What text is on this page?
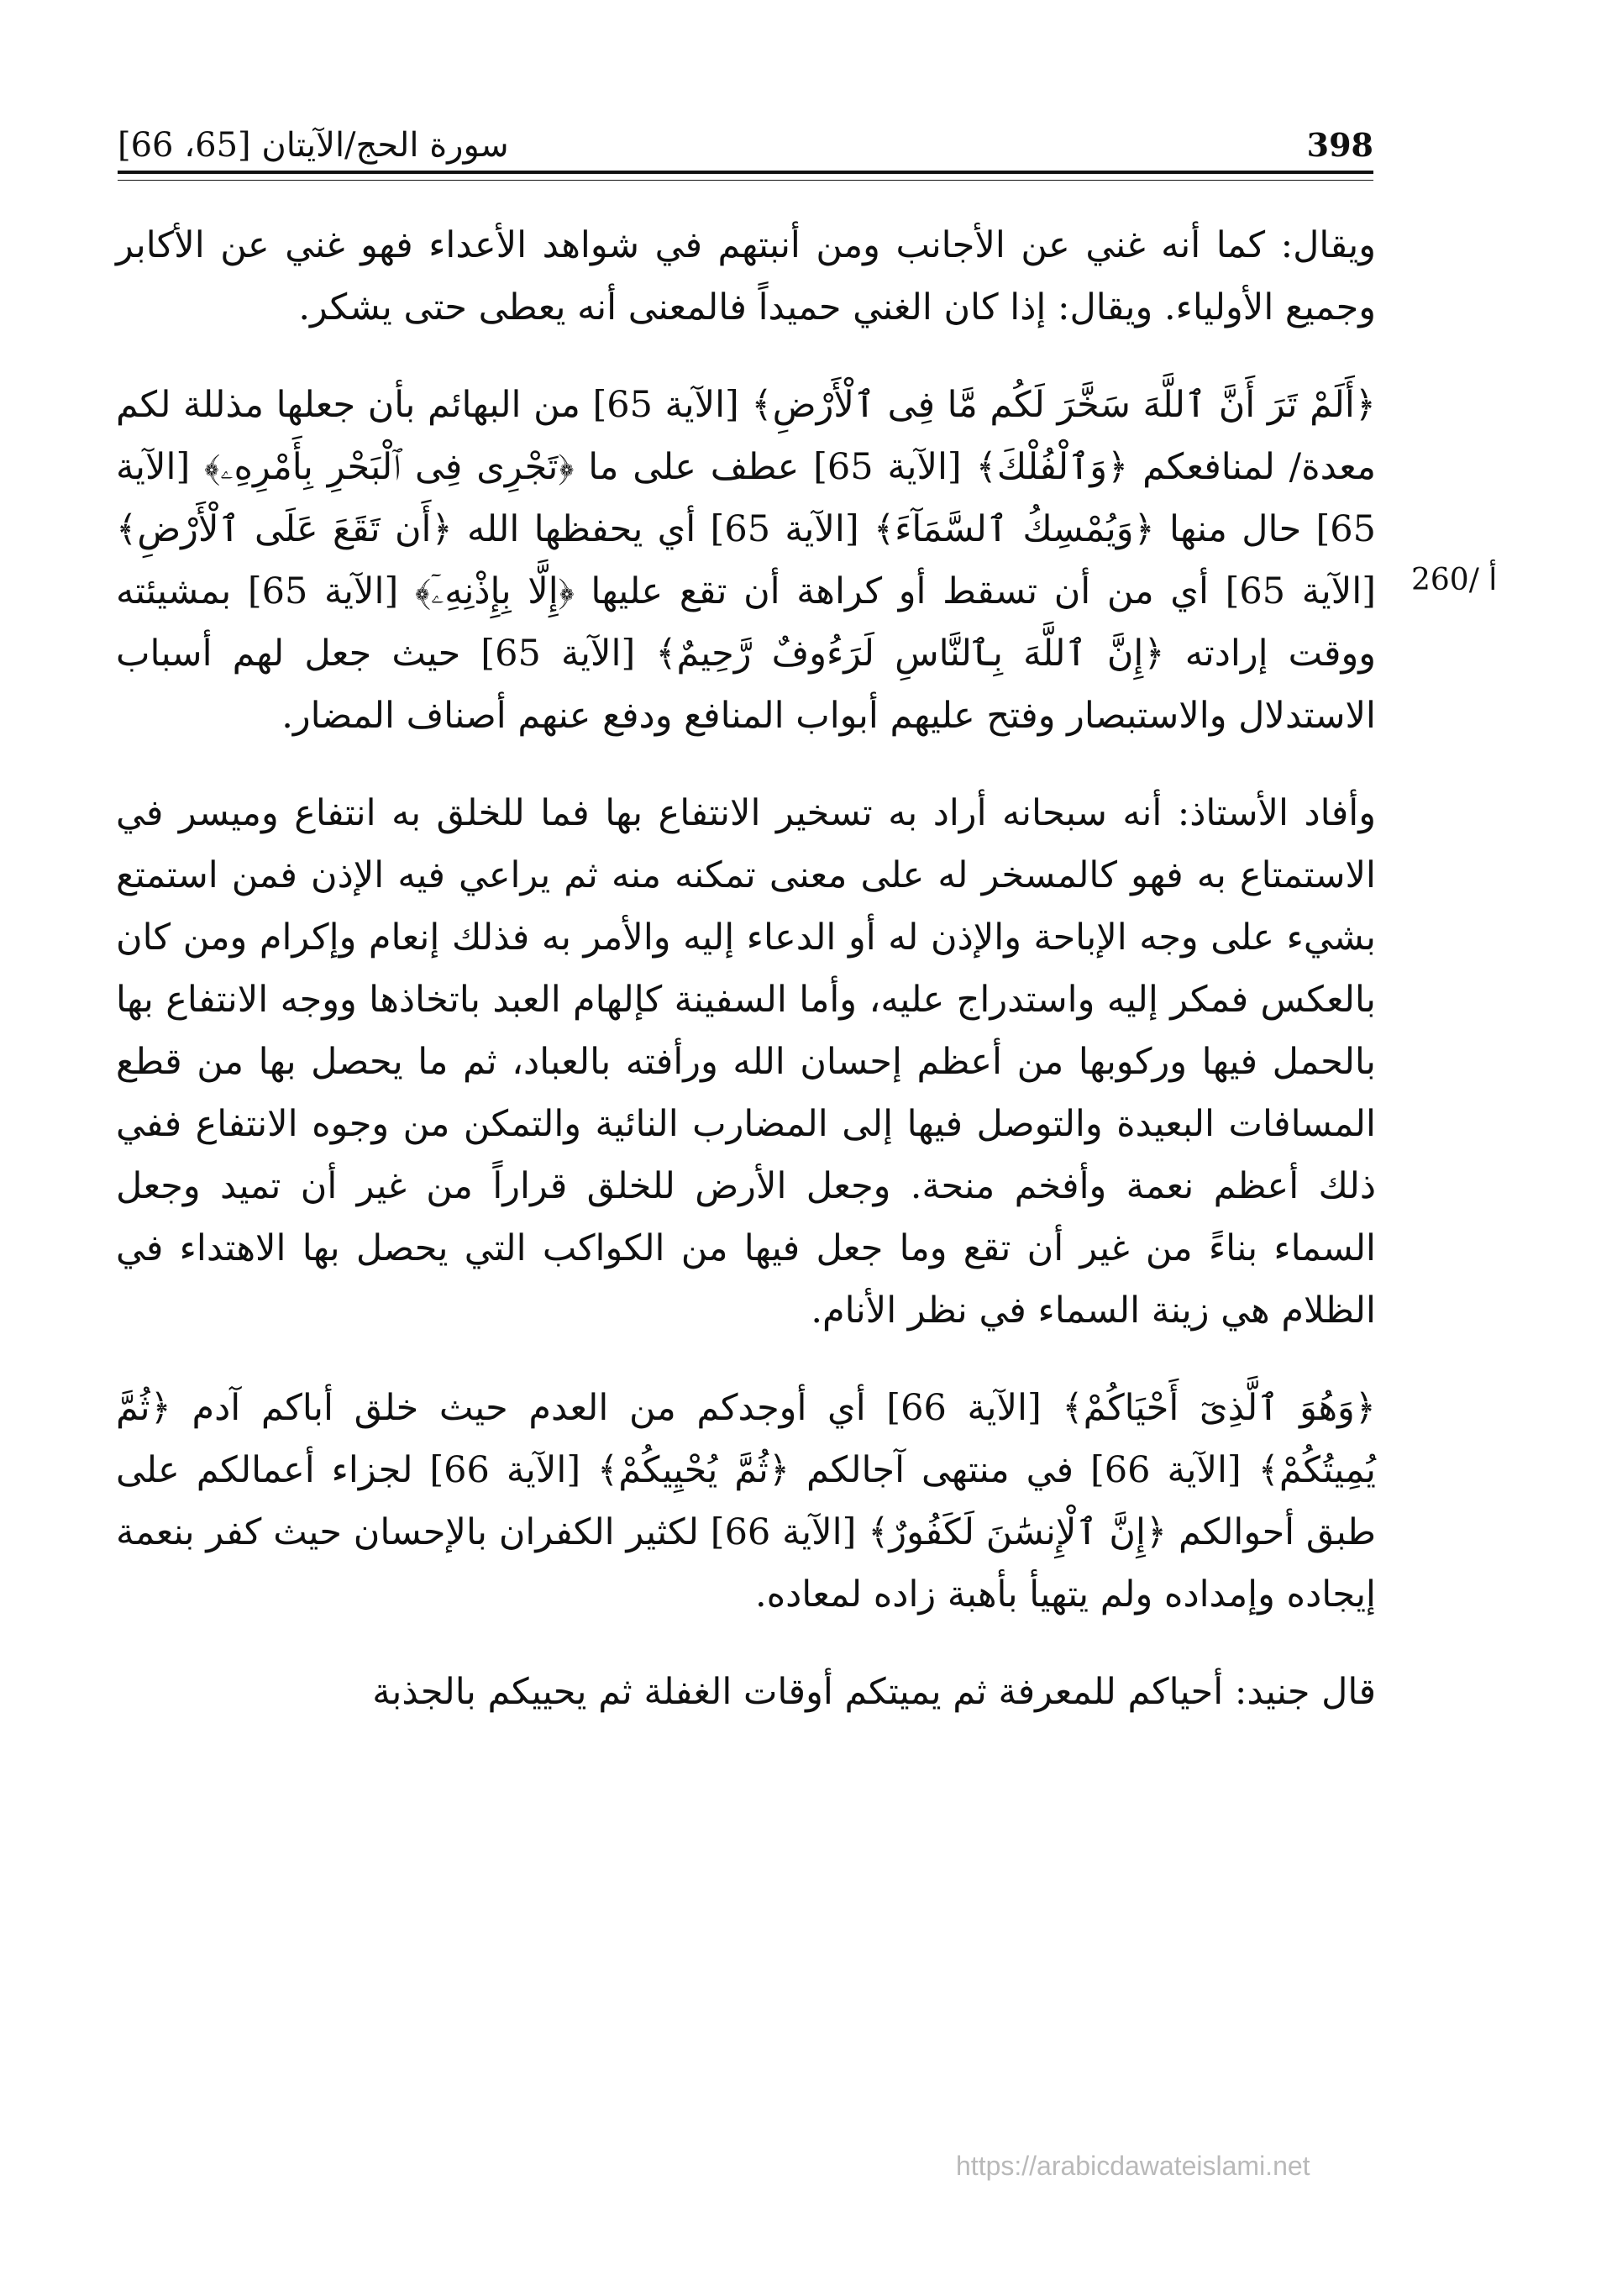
398
سورة الحج/الآيتان [65، 66]
260/ أ

ويقال: كما أنه غني عن الأجانب ومن أنبتهم في شواهد الأعداء فهو غني عن الأكابر وجميع الأولياء. ويقال: إذا كان الغني حميداً فالمعنى أنه يعطى حتى يشكر.

﴿أَلَمْ تَرَ أَنَّ ٱللَّهَ سَخَّرَ لَكُم مَّا فِى ٱلْأَرْضِ﴾ [الآية 65] من البهائم بأن جعلها مذللة لكم معدة/ لمنافعكم ﴿وَٱلْفُلْكَ﴾ [الآية 65] عطف على ما ﴿تَجْرِى فِى ٱلْبَحْرِ بِأَمْرِهِۦ﴾ [الآية 65] حال منها ﴿وَيُمْسِكُ ٱلسَّمَآءَ﴾ [الآية 65] أي يحفظها الله ﴿أَن تَقَعَ عَلَى ٱلْأَرْضِ﴾ [الآية 65] أي من أن تسقط أو كراهة أن تقع عليها ﴿إِلَّا بِإِذْنِهِۦٓ﴾ [الآية 65] بمشيئته ووقت إرادته ﴿إِنَّ ٱللَّهَ بِٱلنَّاسِ لَرَءُوفٌ رَّحِيمٌ﴾ [الآية 65] حيث جعل لهم أسباب الاستدلال والاستبصار وفتح عليهم أبواب المنافع ودفع عنهم أصناف المضار.

وأفاد الأستاذ: أنه سبحانه أراد به تسخير الانتفاع بها فما للخلق به انتفاع وميسر في الاستمتاع به فهو كالمسخر له على معنى تمكنه منه ثم يراعي فيه الإذن فمن استمتع بشيء على وجه الإباحة والإذن له أو الدعاء إليه والأمر به فذلك إنعام وإكرام ومن كان بالعكس فمكر إليه واستدراج عليه، وأما السفينة كإلهام العبد باتخاذها ووجه الانتفاع بها بالحمل فيها وركوبها من أعظم إحسان الله ورأفته بالعباد، ثم ما يحصل بها من قطع المسافات البعيدة والتوصل فيها إلى المضارب النائية والتمكن من وجوه الانتفاع ففي ذلك أعظم نعمة وأفخم منحة. وجعل الأرض للخلق قراراً من غير أن تميد وجعل السماء بناءً من غير أن تقع وما جعل فيها من الكواكب التي يحصل بها الاهتداء في الظلام هي زينة السماء في نظر الأنام.

﴿وَهُوَ ٱلَّذِىٓ أَحْيَاكُمْ﴾ [الآية 66] أي أوجدكم من العدم حيث خلق أباكم آدم ﴿ثُمَّ يُمِيتُكُمْ﴾ [الآية 66] في منتهى آجالكم ﴿ثُمَّ يُحْيِيكُمْ﴾ [الآية 66] لجزاء أعمالكم على طبق أحوالكم ﴿إِنَّ ٱلْإِنسَٰنَ لَكَفُورٌ﴾ [الآية 66] لكثير الكفران بالإحسان حيث كفر بنعمة إيجاده وإمداده ولم يتهيأ بأهبة زاده لمعاده.

قال جنيد: أحياكم للمعرفة ثم يميتكم أوقات الغفلة ثم يحييكم بالجذبة

https://arabicdawateislami.net
